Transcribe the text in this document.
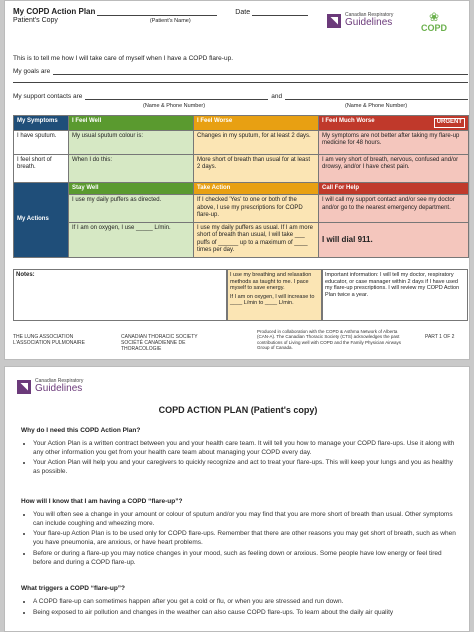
My COPD Action Plan	Date
Patient's Copy	(Patient's Name)
Canadian Respiratory
Guidelines	❀
COPD
This is to tell me how I will take care of myself when I have a COPD flare-up.
My goals are
My support contacts are	and
(Name & Phone Number)	(Name & Phone Number)
My Symptoms	I Feel Well	I Feel Worse	I Feel Much Worse URGENT

I have sputum.	My usual sputum colour is:	Changes in my sputum, for at least 2 days.	My symptoms are not better after taking my flare-up medicine for 48 hours.
I feel short of breath.	When I do this:	More short of breath than usual for at least 2 days.	I am very short of breath, nervous, confused and/or drowsy, and/or I have chest pain.
My Actions	Stay Well	Take Action	Call For Help
	I use my daily puffers as directed.	If I checked 'Yes' to one or both of the above, I use my prescriptions for COPD flare-up.	I will call my support contact and/or see my doctor and/or go to the nearest emergency department.
	If I am on oxygen, I use _____ L/min.	I use my daily puffers as usual. If I am more short of breath than usual, I will take ___ puffs of ______ up to a maximum of ____ times per day.	I will dial 911.
Notes:	I use my breathing and relaxation methods as taught to me. I pace myself to save energy.
If I am on oxygen, I will increase to ____ L/min to ____ L/min.
Important information: I will tell my doctor, respiratory educator, or case manager within 2 days if I have used my flare-up prescriptions. I will review my COPD Action Plan twice a year.
THE LUNG ASSOCIATION
L'ASSOCIATION PULMONAIRE
CANADIAN THORACIC SOCIETY
SOCIÉTÉ CANADIENNE DE THORACOLOGIE
Produced in collaboration with the COPD & Asthma Network of Alberta (CAN-A). The Canadian Thoracic Society (CTS) acknowledges the past contributions of Living well with COPD and the Family Physician Airways Group of Canada.
PART 1 OF 2
Canadian Respiratory
Guidelines
COPD ACTION PLAN (Patient's copy)
Why do I need this COPD Action Plan?
• Your Action Plan is a written contract between you and your health care team. It will tell you how to manage your COPD flare-ups. Use it along with any other information you get from your health care team about managing your COPD every day.
• Your Action Plan will help you and your caregivers to quickly recognize and act to treat your flare-ups. This will keep your lungs and you as healthy as possible.
How will I know that I am having a COPD “flare-up”?
• You will often see a change in your amount or colour of sputum and/or you may find that you are more short of breath than usual. Other symptoms can include coughing and wheezing more.
• Your flare-up Action Plan is to be used only for COPD flare-ups. Remember that there are other reasons you may get short of breath, such as when you have pneumonia, are anxious, or have heart problems.
• Before or during a flare-up you may notice changes in your mood, such as feeling down or anxious. Some people have low energy or feel tired before and during a COPD flare-up.
What triggers a COPD “flare-up”?
• A COPD flare-up can sometimes happen after you get a cold or flu, or when you are stressed and run down.
• Being exposed to air pollution and changes in the weather can also cause COPD flare-ups. To learn about the daily air quality
